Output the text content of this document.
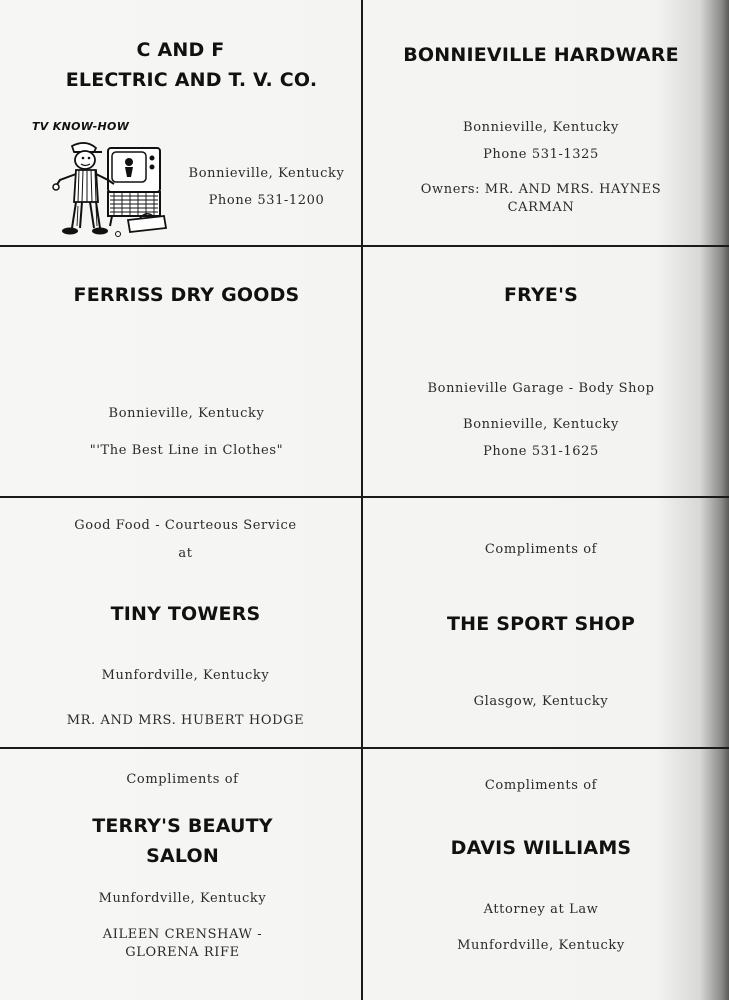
C AND F
ELECTRIC AND T. V. CO.
TV KNOW-HOW
Bonnieville, Kentucky
Phone 531-1200
BONNIEVILLE HARDWARE
Bonnieville, Kentucky
Phone 531-1325
Owners: MR. AND MRS. HAYNES
CARMAN
FERRISS DRY GOODS
Bonnieville, Kentucky
"'The Best Line in Clothes"
FRYE'S
Bonnieville Garage - Body Shop
Bonnieville, Kentucky
Phone 531-1625
Good Food - Courteous Service
at
TINY TOWERS
Munfordville, Kentucky
MR. AND MRS. HUBERT HODGE
Compliments of
THE SPORT SHOP
Glasgow, Kentucky
Compliments of
TERRY'S BEAUTY
SALON
Munfordville, Kentucky
AILEEN CRENSHAW -
GLORENA RIFE
Compliments of
DAVIS WILLIAMS
Attorney at Law
Munfordville, Kentucky
